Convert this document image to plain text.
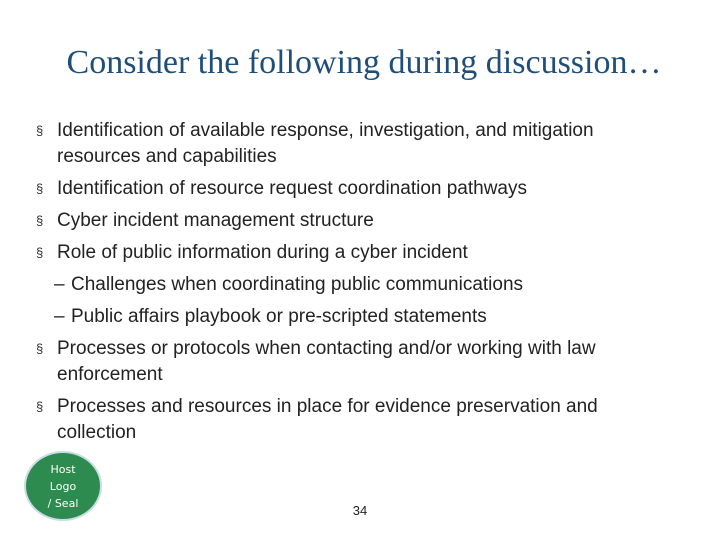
Consider the following during discussion…
§ Identification of available response, investigation, and mitigation resources and capabilities
§ Identification of resource request coordination pathways
§ Cyber incident management structure
§ Role of public information during a cyber incident
– Challenges when coordinating public communications
– Public affairs playbook or pre-scripted statements
§ Processes or protocols when contacting and/or working with law enforcement
§ Processes and resources in place for evidence preservation and collection
Host
Logo
/ Seal	34
